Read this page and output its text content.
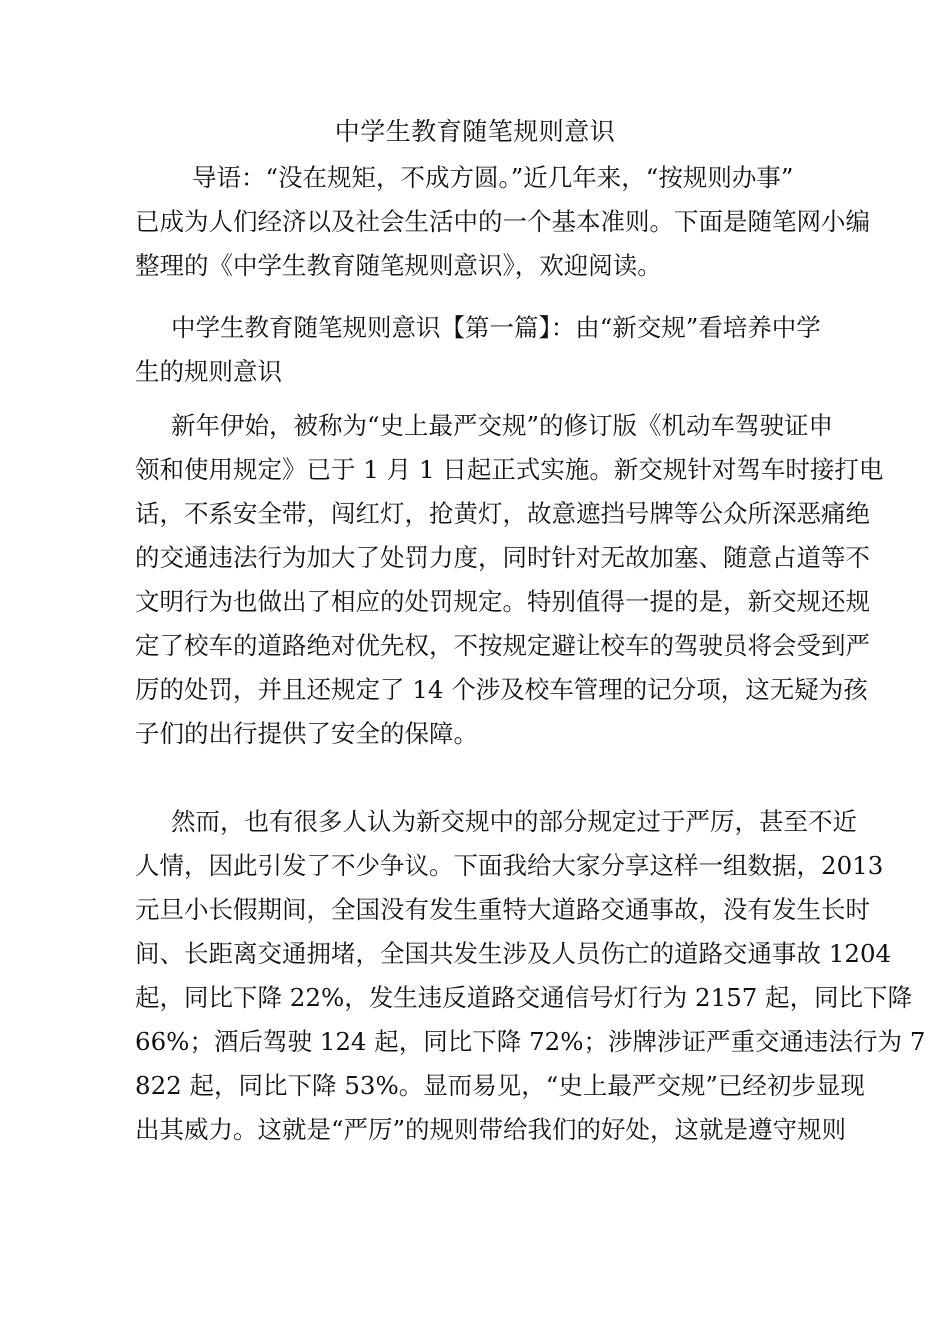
中学生教育随笔规则意识
导语：“没在规矩，不成方圆。”近几年来，“按规则办事”
已成为人们经济以及社会生活中的一个基本准则。下面是随笔网小编
整理的《中学生教育随笔规则意识》，欢迎阅读。
中学生教育随笔规则意识【第一篇】：由“新交规”看培养中学
生的规则意识
新年伊始，被称为“史上最严交规”的修订版《机动车驾驶证申
领和使用规定》已于 1 月 1 日起正式实施。新交规针对驾车时接打电
话，不系安全带，闯红灯，抢黄灯，故意遮挡号牌等公众所深恶痛绝
的交通违法行为加大了处罚力度，同时针对无故加塞、随意占道等不
文明行为也做出了相应的处罚规定。特别值得一提的是，新交规还规
定了校车的道路绝对优先权，不按规定避让校车的驾驶员将会受到严
厉的处罚，并且还规定了 14 个涉及校车管理的记分项，这无疑为孩
子们的出行提供了安全的保障。
然而，也有很多人认为新交规中的部分规定过于严厉，甚至不近
人情，因此引发了不少争议。下面我给大家分享这样一组数据，2013
元旦小长假期间，全国没有发生重特大道路交通事故，没有发生长时
间、长距离交通拥堵，全国共发生涉及人员伤亡的道路交通事故 1204
起，同比下降 22%，发生违反道路交通信号灯行为 2157 起，同比下降
66%；酒后驾驶 124 起，同比下降 72%；涉牌涉证严重交通违法行为 7
822 起，同比下降 53%。显而易见，“史上最严交规”已经初步显现
出其威力。这就是“严厉”的规则带给我们的好处，这就是遵守规则
